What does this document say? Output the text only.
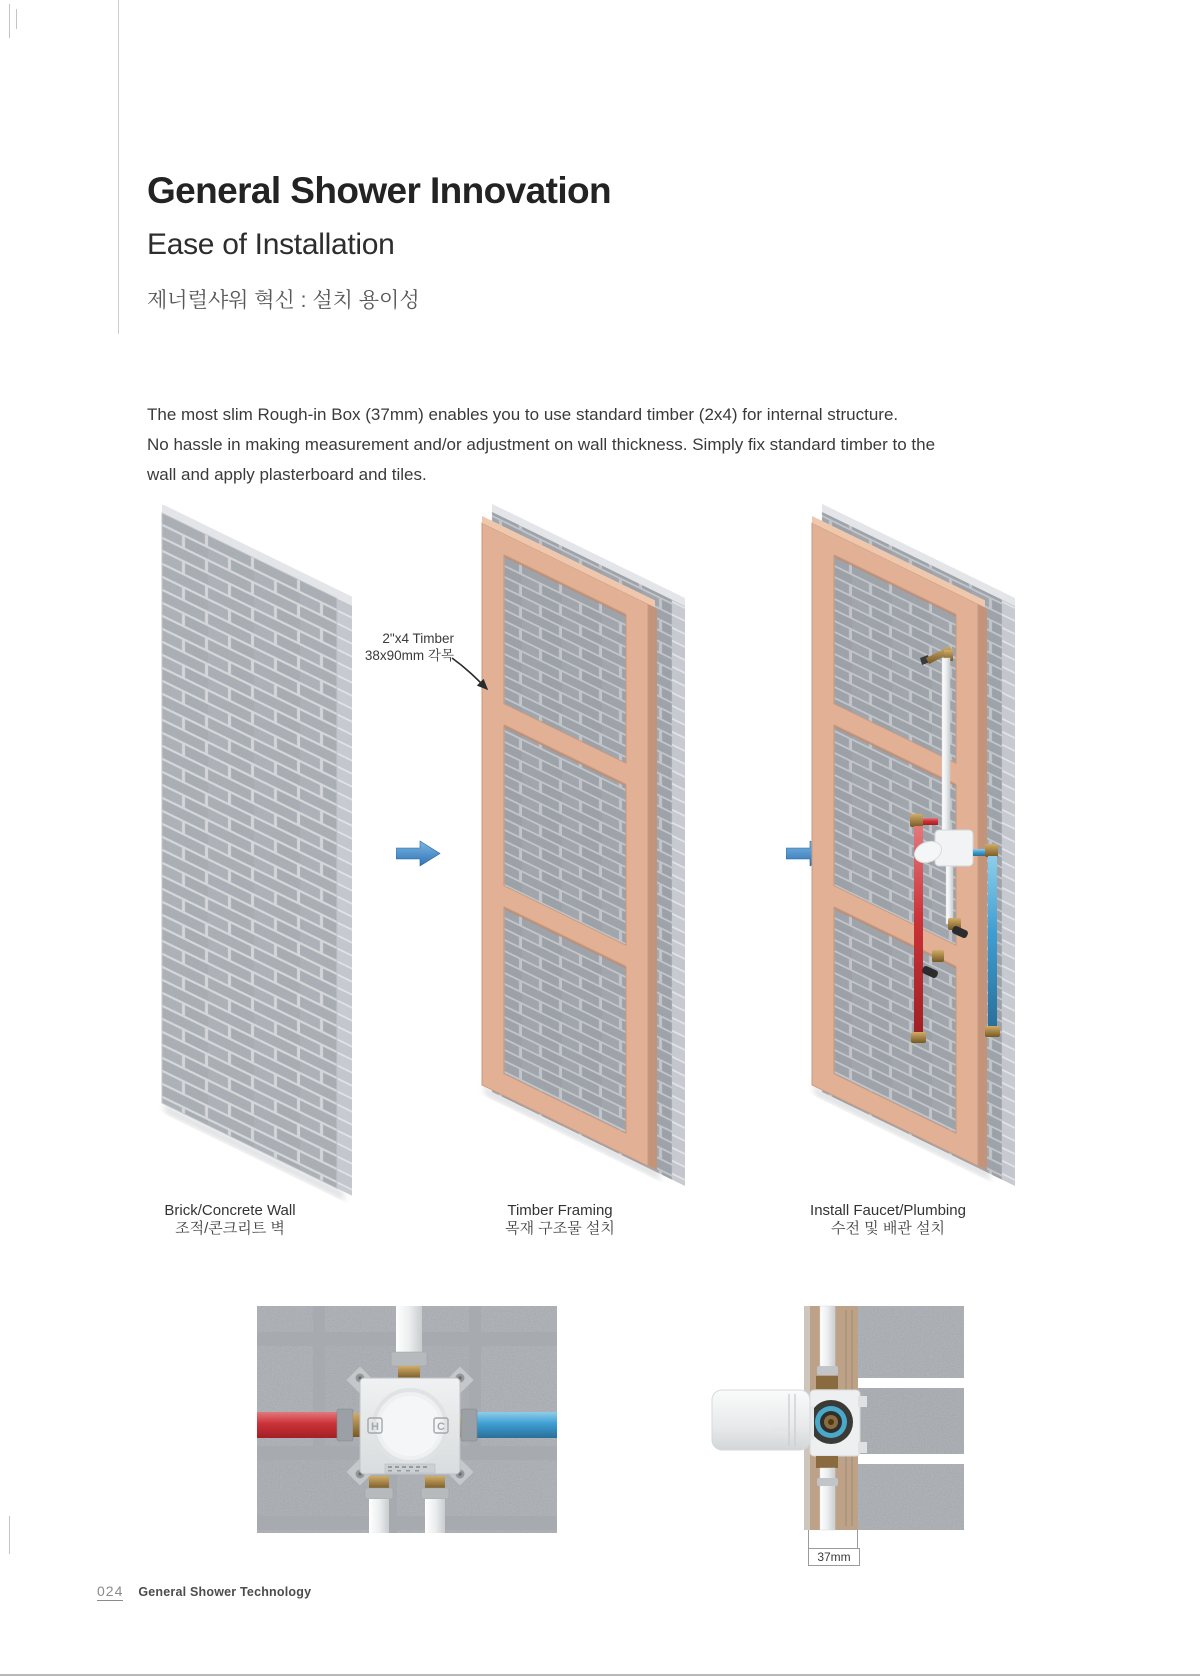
General Shower Innovation
Ease of Installation
제너럴샤워 혁신 : 설치 용이성
The most slim Rough-in Box (37mm) enables you to use standard timber (2x4) for internal structure.
No hassle in making measurement and/or adjustment on wall thickness. Simply fix standard timber to the
wall and apply plasterboard and tiles.
2"x4 Timber
38x90mm 각목
Brick/Concrete Wall
조적/콘크리트 벽
Timber Framing
목재 구조물 설치
Install Faucet/Plumbing
수전 및 배관 설치
H	C
37mm
024 General Shower Technology
